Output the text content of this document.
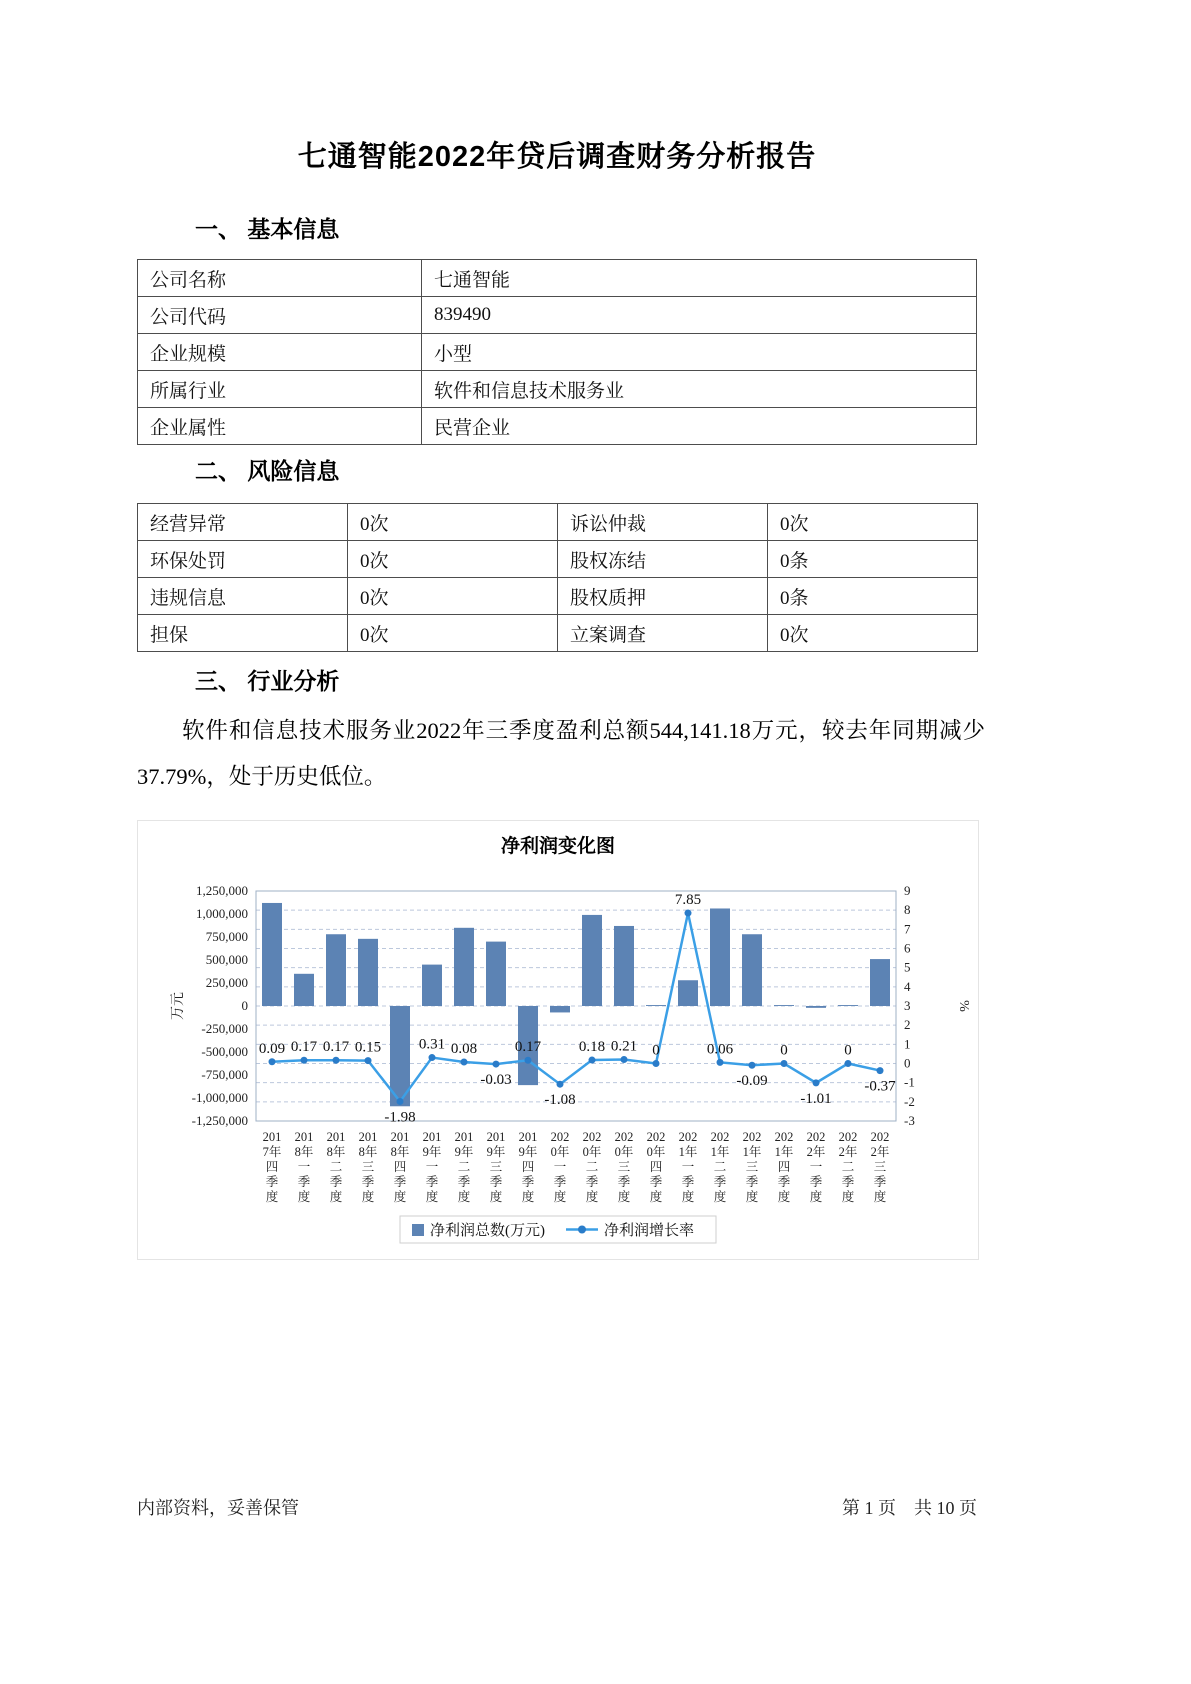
七通智能2022年贷后调查财务分析报告
一、 基本信息
公司名称	七通智能
公司代码	839490
企业规模	小型
所属行业	软件和信息技术服务业
企业属性	民营企业
二、 风险信息
经营异常	0次	诉讼仲裁	0次
环保处罚	0次	股权冻结	0条
违规信息	0次	股权质押	0条
担保	0次	立案调查	0次
三、 行业分析
软件和信息技术服务业2022年三季度盈利总额544,141.18万元，较去年同期减少37.79%，处于历史低位。
净利润变化图
-1,250,000
-1,000,000
-750,000
-500,000
-250,000
0
250,000
500,000
750,000
1,000,000
1,250,000
-3
-2
-1
0
1
2
3
4
5
6
7
8
9
万元	%
0.09 0.17 0.17 0.15
-1.98
0.31 0.08
-0.03
0.17
-1.08
0.18 0.21 0
7.85
0.06
-0.09
0
-1.01
0
-0.37
201 7年四季度
201 8年一季度
201 8年二季度
201 8年三季度
201 8年四季度
201 9年一季度
201 9年二季度
201 9年三季度
201 9年四季度
202 0年一季度
202 0年二季度
202 0年三季度
202 0年四季度
202 1年一季度
202 1年二季度
202 1年三季度
202 1年四季度
202 2年一季度
202 2年二季度
202 2年三季度
净利润总数(万元)	净利润增长率
内部资料，妥善保管	第 1 页 共 10 页
